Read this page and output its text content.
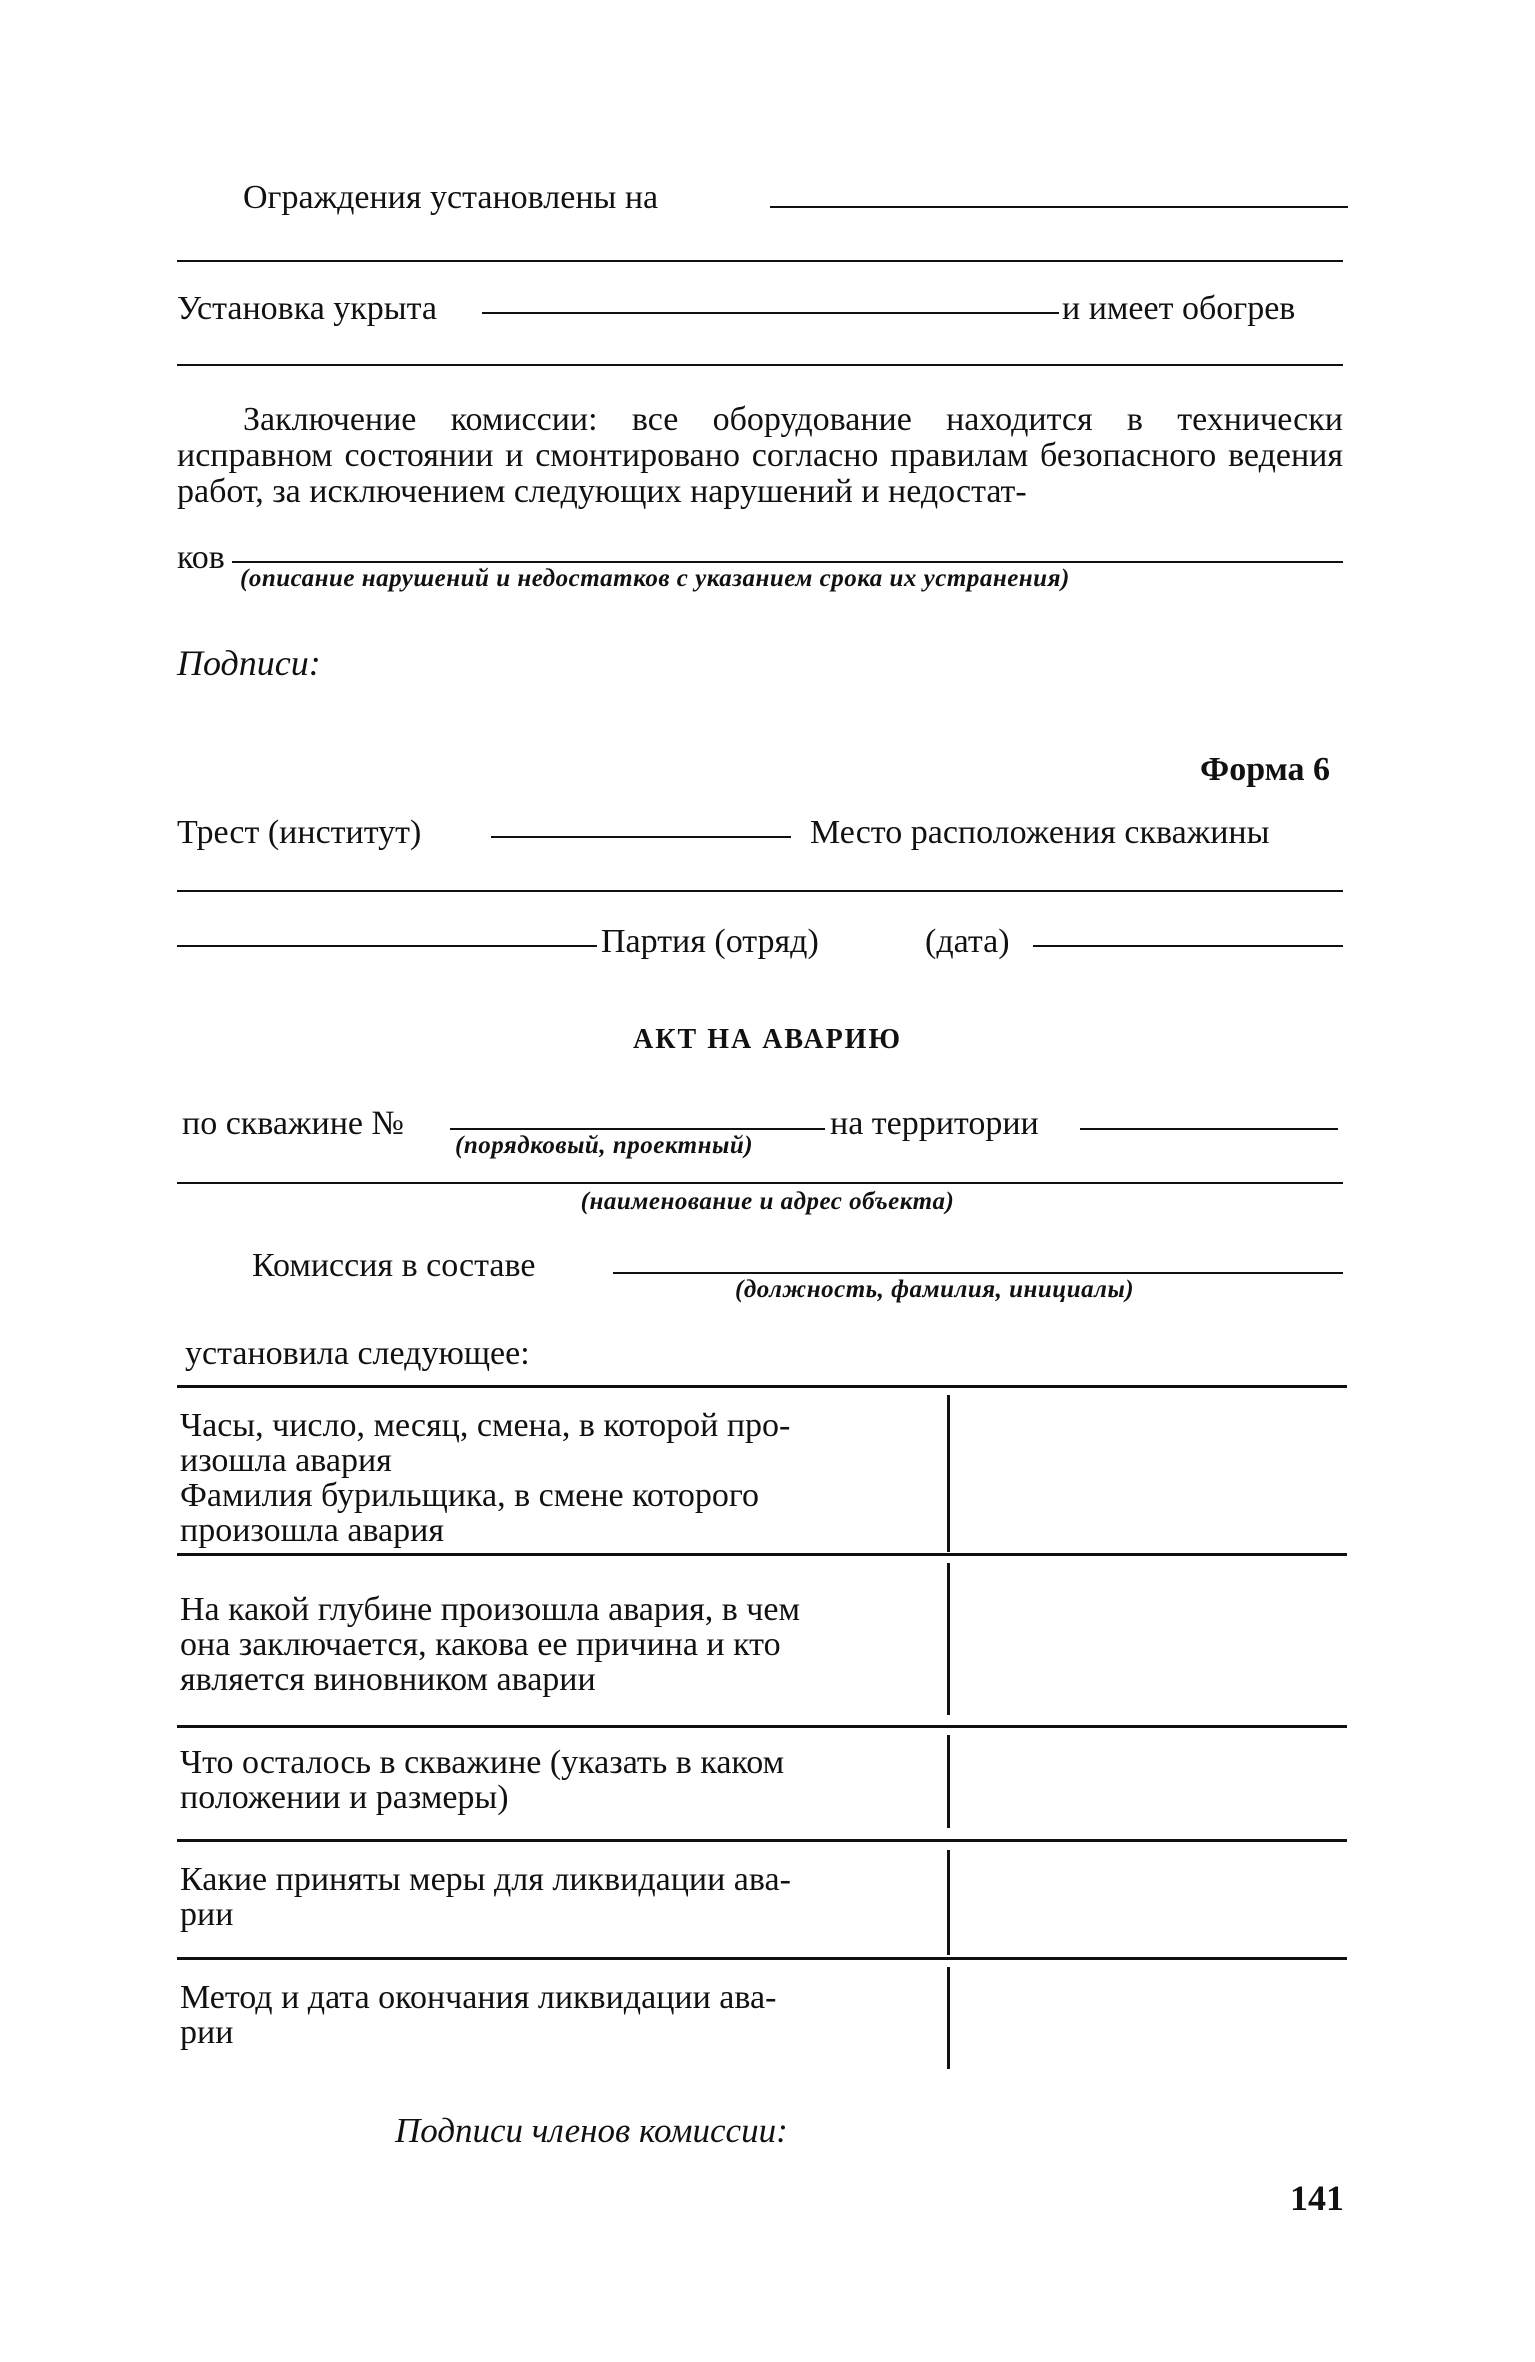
Ограждения установлены на
Установка укрыта	и имеет обогрев
Заключение комиссии: все оборудование находится в технически исправном состоянии и смонтировано согласно правилам безопасного ведения работ, за исключением следующих нарушений и недостат-
ков
(описание нарушений и недостатков с указанием срока их устранения)
Подписи:
Форма 6
Трест (институт)	Место расположения скважины
Партия (отряд)	(дата)
АКТ НА АВАРИЮ
по скважине №
(порядковый, проектный)
на территории
(наименование и адрес объекта)
Комиссия в составе
(должность, фамилия, инициалы)
установила следующее:
Часы, число, месяц, смена, в которой про-
изошла авария
Фамилия бурильщика, в смене которого
произошла авария
На какой глубине произошла авария, в чем
она заключается, какова ее причина и кто
является виновником аварии
Что осталось в скважине (указать в каком
положении и размеры)
Какие приняты меры для ликвидации ава-
рии
Метод и дата окончания ликвидации ава-
рии
Подписи членов комиссии:
141
